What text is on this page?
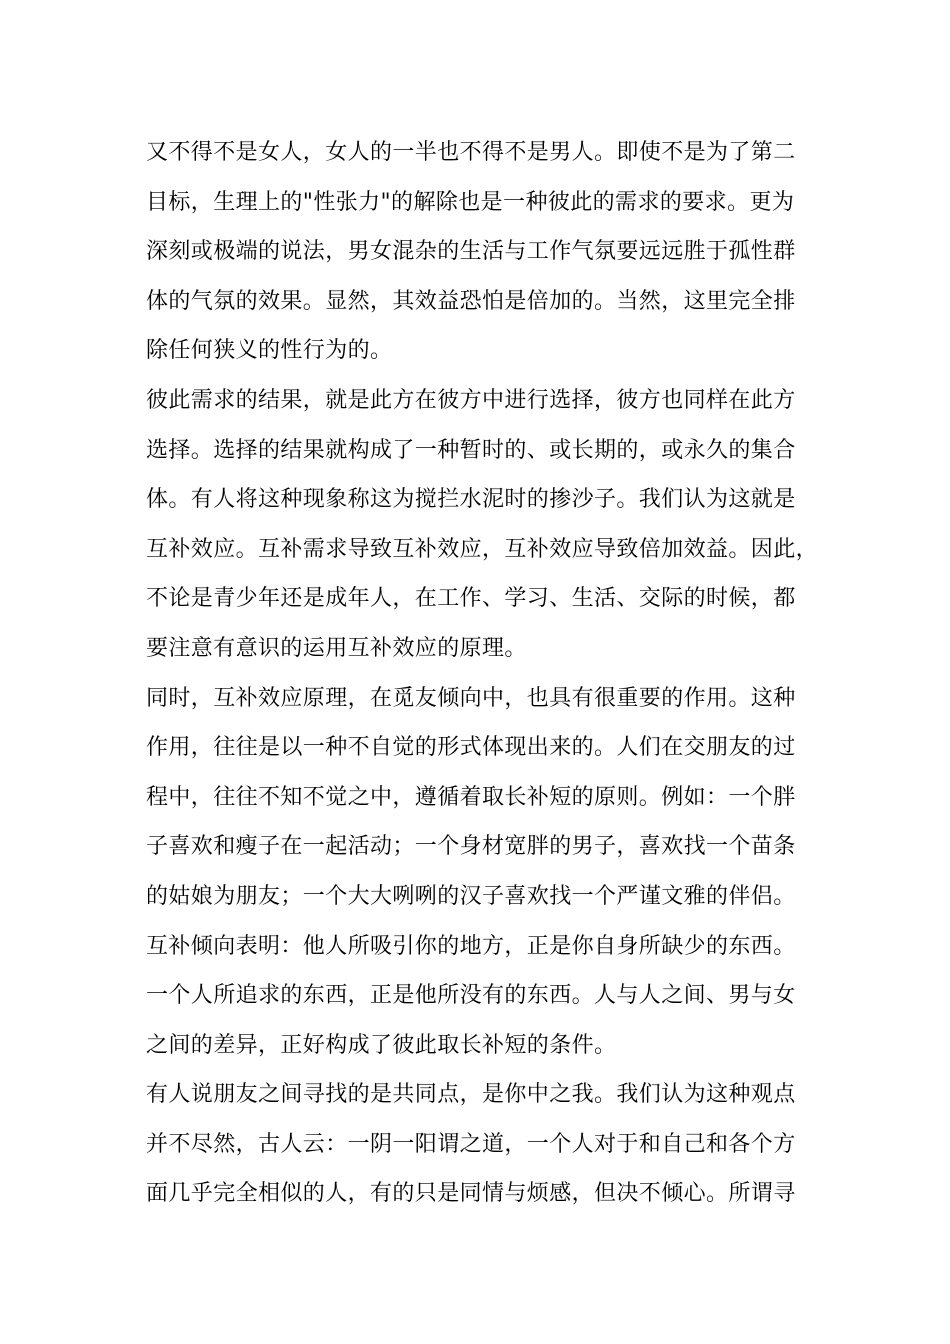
又不得不是女人，女人的一半也不得不是男人。即使不是为了第二
目标，生理上的"性张力"的解除也是一种彼此的需求的要求。更为
深刻或极端的说法，男女混杂的生活与工作气氛要远远胜于孤性群
体的气氛的效果。显然，其效益恐怕是倍加的。当然，这里完全排
除任何狭义的性行为的。
彼此需求的结果，就是此方在彼方中进行选择，彼方也同样在此方
选择。选择的结果就构成了一种暂时的、或长期的，或永久的集合
体。有人将这种现象称这为搅拦水泥时的掺沙子。我们认为这就是
互补效应。互补需求导致互补效应，互补效应导致倍加效益。因此，
不论是青少年还是成年人，在工作、学习、生活、交际的时候，都
要注意有意识的运用互补效应的原理。
同时，互补效应原理，在觅友倾向中，也具有很重要的作用。这种
作用，往往是以一种不自觉的形式体现出来的。人们在交朋友的过
程中，往往不知不觉之中，遵循着取长补短的原则。例如：一个胖
子喜欢和瘦子在一起活动；一个身材宽胖的男子，喜欢找一个苗条
的姑娘为朋友；一个大大咧咧的汉子喜欢找一个严谨文雅的伴侣。
互补倾向表明：他人所吸引你的地方，正是你自身所缺少的东西。
一个人所追求的东西，正是他所没有的东西。人与人之间、男与女
之间的差异，正好构成了彼此取长补短的条件。
有人说朋友之间寻找的是共同点，是你中之我。我们认为这种观点
并不尽然，古人云：一阴一阳谓之道，一个人对于和自己和各个方
面几乎完全相似的人，有的只是同情与烦感，但决不倾心。所谓寻
